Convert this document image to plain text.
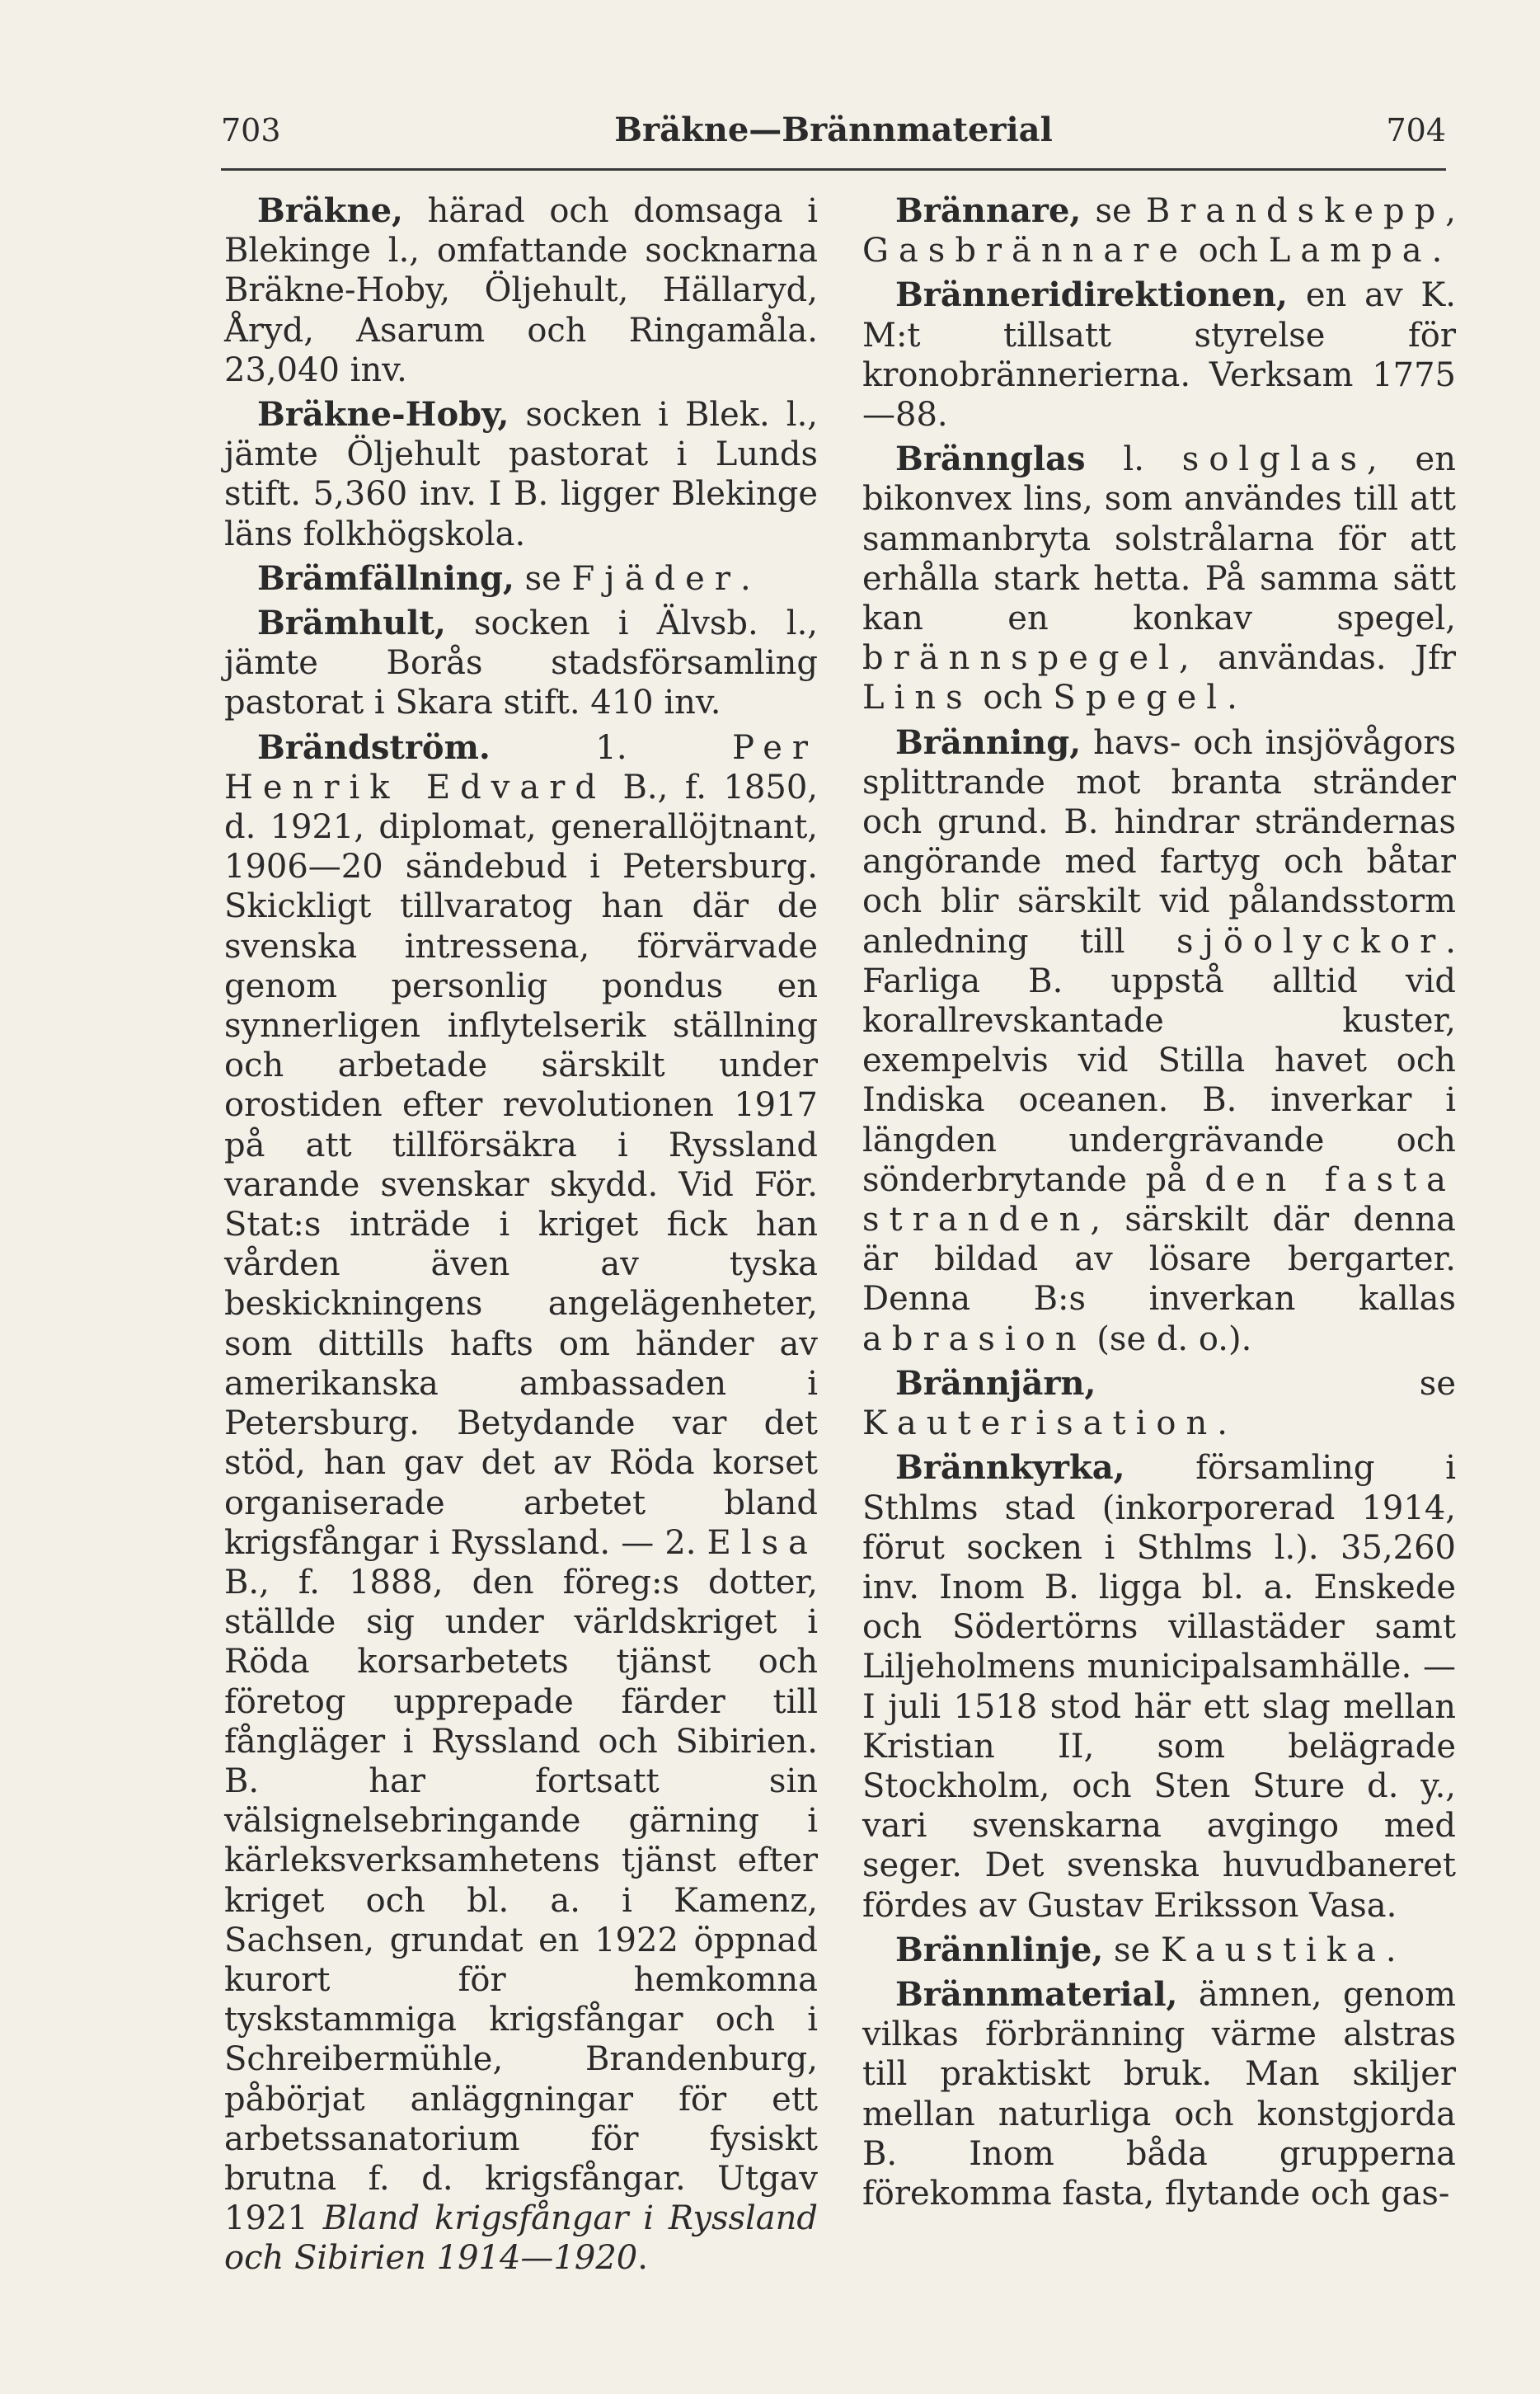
703	Bräkne—Brännmaterial	704

Bräkne, härad och domsaga i Blekinge l., omfattande socknarna Bräkne-Hoby, Öljehult, Hällaryd, Åryd, Asarum och Ringamåla. 23,040 inv.

Bräkne-Hoby, socken i Blek. l., jämte Öljehult pastorat i Lunds stift. 5,360 inv. I B. ligger Blekinge läns folkhögskola.

Brämfällning, se Fjäder.

Brämhult, socken i Älvsb. l., jämte Borås stadsförsamling pastorat i Skara stift. 410 inv.

Brändström. 1. Per Henrik Edvard B., f. 1850, d. 1921, diplomat, generallöjtnant, 1906—20 sändebud i Petersburg. Skickligt tillvaratog han där de svenska intressena, förvärvade genom personlig pondus en synnerligen inflytelserik ställning och arbetade särskilt under orostiden efter revolutionen 1917 på att tillförsäkra i Ryssland varande svenskar skydd. Vid För. Stat:s inträde i kriget fick han vården även av tyska beskickningens angelägenheter, som dittills hafts om händer av amerikanska ambassaden i Petersburg. Betydande var det stöd, han gav det av Röda korset organiserade arbetet bland krigsfångar i Ryssland. — 2. Elsa B., f. 1888, den föreg:s dotter, ställde sig under världskriget i Röda korsarbetets tjänst och företog upprepade färder till fångläger i Ryssland och Sibirien. B. har fortsatt sin välsignelsebringande gärning i kärleksverksamhetens tjänst efter kriget och bl. a. i Kamenz, Sachsen, grundat en 1922 öppnad kurort för hemkomna tyskstammiga krigsfångar och i Schreibermühle, Brandenburg, påbörjat anläggningar för ett arbetssanatorium för fysiskt brutna f. d. krigsfångar. Utgav 1921 Bland krigsfångar i Ryssland och Sibirien 1914—1920.

Brännare, se Brandskepp, Gasbrännare och Lampa.

Bränneridirektionen, en av K. M:t tillsatt styrelse för kronobrännerierna. Verksam 1775—88.

Brännglas l. solglas, en bikonvex lins, som användes till att sammanbryta solstrålarna för att erhålla stark hetta. På samma sätt kan en konkav spegel, brännspegel, användas. Jfr Lins och Spegel.

Bränning, havs- och insjövågors splittrande mot branta stränder och grund. B. hindrar strändernas angörande med fartyg och båtar och blir särskilt vid pålandsstorm anledning till sjöolyckor. Farliga B. uppstå alltid vid korallrevskantade kuster, exempelvis vid Stilla havet och Indiska oceanen. B. inverkar i längden undergrävande och sönderbrytande på den fasta stranden, särskilt där denna är bildad av lösare bergarter. Denna B:s inverkan kallas abrasion (se d. o.).

Brännjärn, se Kauterisation.

Brännkyrka, församling i Sthlms stad (inkorporerad 1914, förut socken i Sthlms l.). 35,260 inv. Inom B. ligga bl. a. Enskede och Södertörns villastäder samt Liljeholmens municipalsamhälle. — I juli 1518 stod här ett slag mellan Kristian II, som belägrade Stockholm, och Sten Sture d. y., vari svenskarna avgingo med seger. Det svenska huvudbaneret fördes av Gustav Eriksson Vasa.

Brännlinje, se Kaustika.

Brännmaterial, ämnen, genom vilkas förbränning värme alstras till praktiskt bruk. Man skiljer mellan naturliga och konstgjorda B. Inom båda grupperna förekomma fasta, flytande och gas-
